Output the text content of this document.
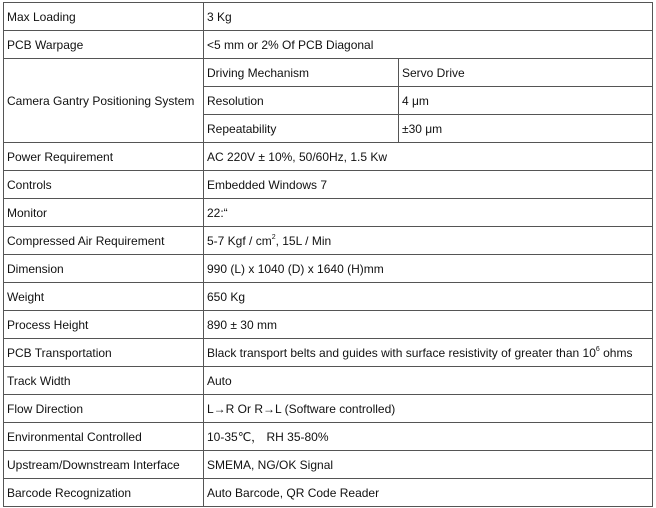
Max Loading	3 Kg	
PCB Warpage	<5 mm or 2% Of PCB Diagonal	
Camera Gantry Positioning System	Driving Mechanism	Servo Drive
	Resolution	4 μm
	Repeatability	±30 μm
Power Requirement	AC 220V ± 10%, 50/60Hz, 1.5 Kw	
Controls	Embedded Windows 7	
Monitor	22:“	
Compressed Air Requirement	5-7 Kgf / $cm^2$, 15L / Min	
Dimension	990 (L) x 1040 (D) x 1640 (H)mm	
Weight	650 Kg	
Process Height	890 ± 30 mm	
PCB Transportation	Black transport belts and guides with surface resistivity of greater than $10^6$ ohms	
Track Width	Auto	
Flow Direction	L→R Or R→L (Software controlled)	
Environmental Controlled	10-35℃， RH 35-80%	
Upstream/Downstream Interface	SMEMA, NG/OK Signal	
Barcode Recognization	Auto Barcode, QR Code Reader	
